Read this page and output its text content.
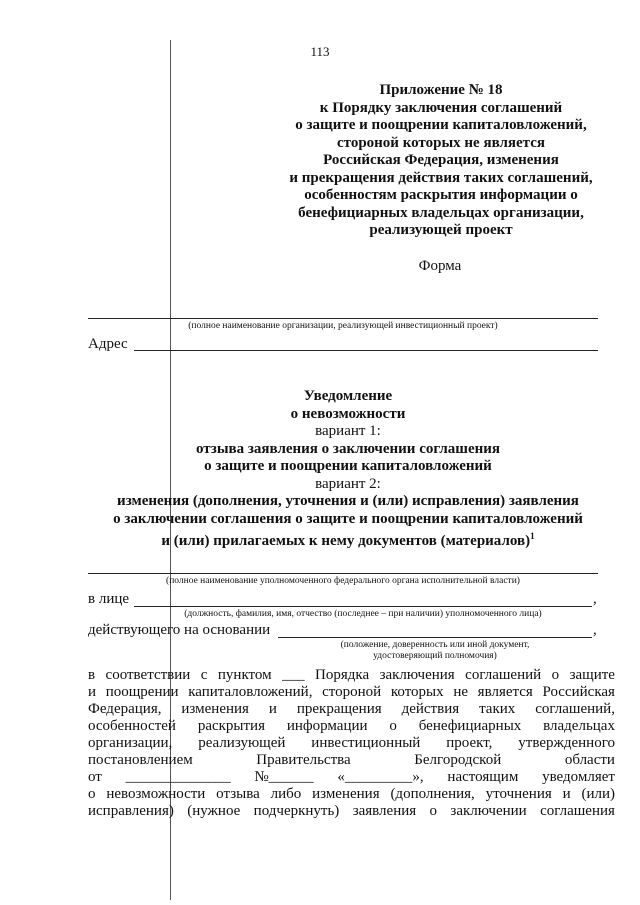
113
Приложение № 18
к Порядку заключения соглашений
о защите и поощрении капиталовложений,
стороной которых не является
Российская Федерация, изменения
и прекращения действия таких соглашений,
особенностям раскрытия информации о
бенефициарных владельцах организации,
реализующей проект
Форма
(полное наименование организации, реализующей инвестиционный проект)
Адрес
Уведомление
о невозможности
вариант 1:
отзыва заявления о заключении соглашения
о защите и поощрении капиталовложений
вариант 2:
изменения (дополнения, уточнения и (или) исправления) заявления
о заключении соглашения о защите и поощрении капиталовложений
и (или) прилагаемых к нему документов (материалов)$^1$
(полное наименование уполномоченного федерального органа исполнительной власти)
в лице	,
(должность, фамилия, имя, отчество (последнее – при наличии) уполномоченного лица)
действующего на основании	,
(положение, доверенность или иной документ,
удостоверяющий полномочия)
в соответствии с пунктом ___ Порядка заключения соглашений о защите
и поощрении капиталовложений, стороной которых не является Российская
Федерация, изменения и прекращения действия таких соглашений,
особенностей раскрытия информации о бенефициарных владельцах
организации, реализующей инвестиционный проект, утвержденного
постановлением	Правительства	Белгородской	области
от ______________ №______ «_________», настоящим уведомляет
о невозможности отзыва либо изменения (дополнения, уточнения и (или)
исправления) (нужное подчеркнуть) заявления о заключении соглашения
